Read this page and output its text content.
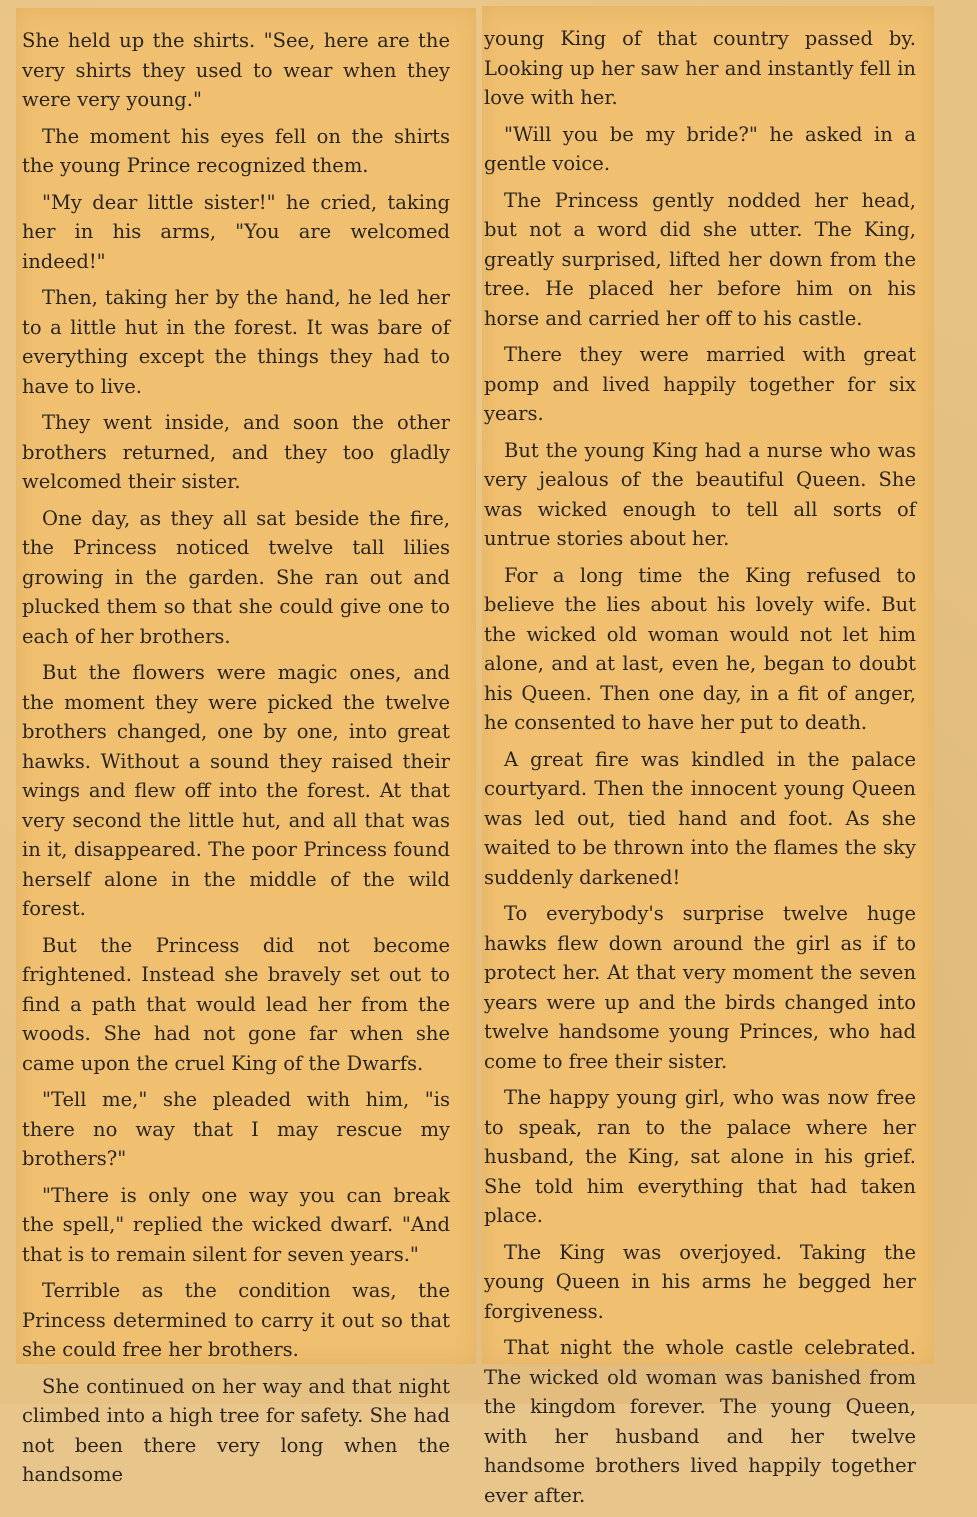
She held up the shirts. "See, here are the very shirts they used to wear when they were very young."

The moment his eyes fell on the shirts the young Prince recognized them.

"My dear little sister!" he cried, taking her in his arms, "You are welcomed indeed!"

Then, taking her by the hand, he led her to a little hut in the forest. It was bare of everything except the things they had to have to live.

They went inside, and soon the other brothers returned, and they too gladly welcomed their sister.

One day, as they all sat beside the fire, the Princess noticed twelve tall lilies growing in the garden. She ran out and plucked them so that she could give one to each of her brothers.

But the flowers were magic ones, and the moment they were picked the twelve brothers changed, one by one, into great hawks. Without a sound they raised their wings and flew off into the forest. At that very second the little hut, and all that was in it, disappeared. The poor Princess found herself alone in the middle of the wild forest.

But the Princess did not become frightened. Instead she bravely set out to find a path that would lead her from the woods. She had not gone far when she came upon the cruel King of the Dwarfs.

"Tell me," she pleaded with him, "is there no way that I may rescue my brothers?"

"There is only one way you can break the spell," replied the wicked dwarf. "And that is to remain silent for seven years."

Terrible as the condition was, the Princess determined to carry it out so that she could free her brothers.

She continued on her way and that night climbed into a high tree for safety. She had not been there very long when the handsome

young King of that country passed by. Looking up her saw her and instantly fell in love with her.

"Will you be my bride?" he asked in a gentle voice.

The Princess gently nodded her head, but not a word did she utter. The King, greatly surprised, lifted her down from the tree. He placed her before him on his horse and carried her off to his castle.

There they were married with great pomp and lived happily together for six years.

But the young King had a nurse who was very jealous of the beautiful Queen. She was wicked enough to tell all sorts of untrue stories about her.

For a long time the King refused to believe the lies about his lovely wife. But the wicked old woman would not let him alone, and at last, even he, began to doubt his Queen. Then one day, in a fit of anger, he consented to have her put to death.

A great fire was kindled in the palace courtyard. Then the innocent young Queen was led out, tied hand and foot. As she waited to be thrown into the flames the sky suddenly darkened!

To everybody's surprise twelve huge hawks flew down around the girl as if to protect her. At that very moment the seven years were up and the birds changed into twelve handsome young Princes, who had come to free their sister.

The happy young girl, who was now free to speak, ran to the palace where her husband, the King, sat alone in his grief. She told him everything that had taken place.

The King was overjoyed. Taking the young Queen in his arms he begged her forgiveness.

That night the whole castle celebrated. The wicked old woman was banished from the kingdom forever. The young Queen, with her husband and her twelve handsome brothers lived happily together ever after.
